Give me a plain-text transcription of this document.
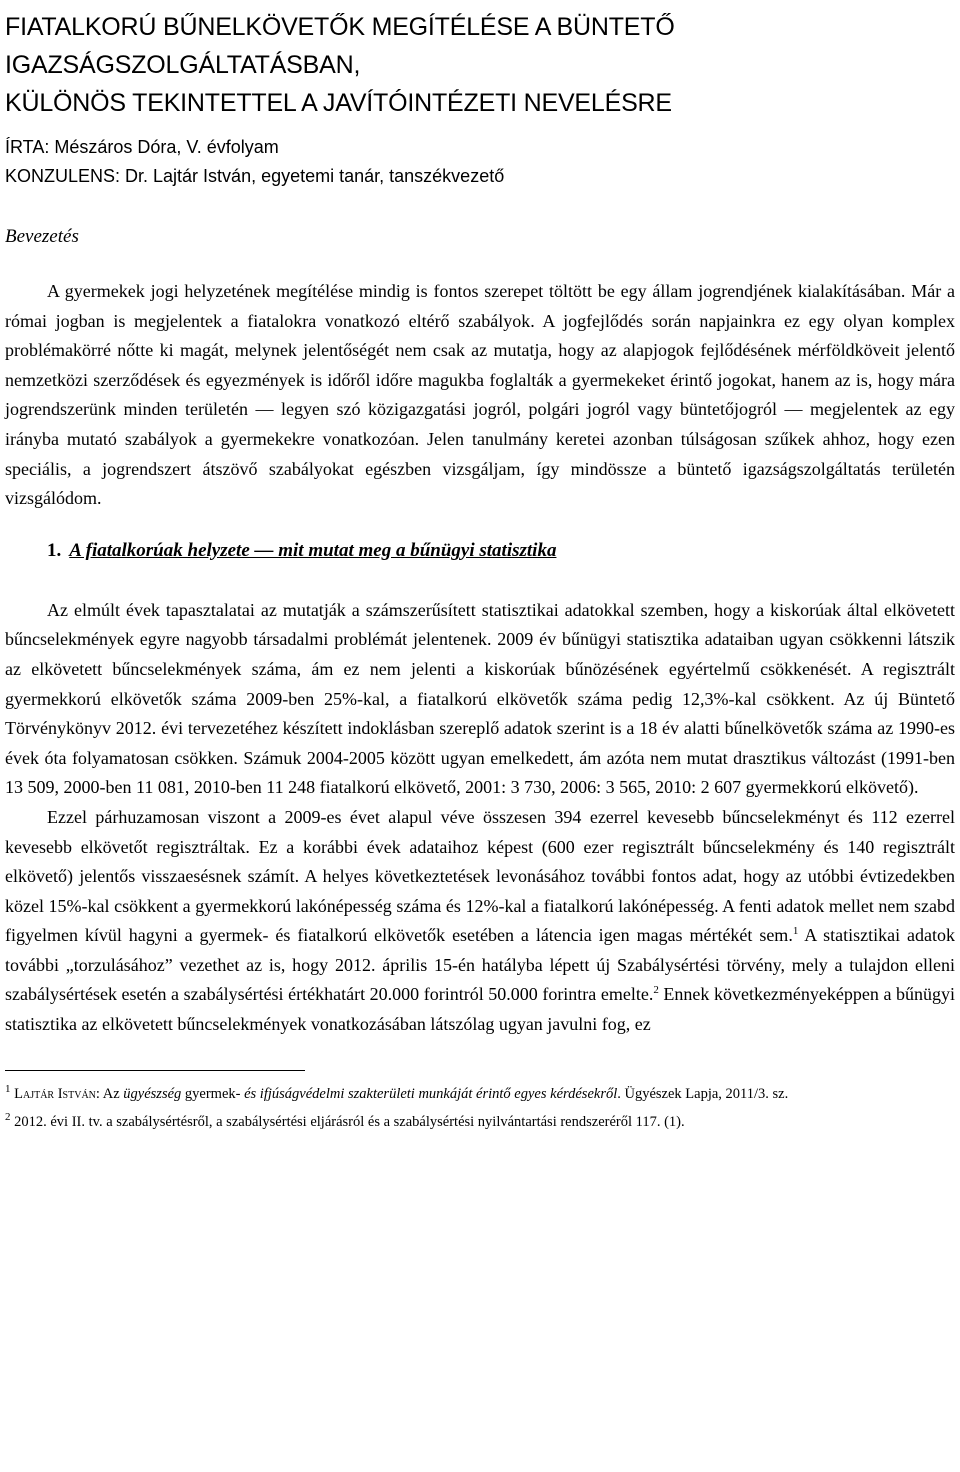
FIATALKORÚ BŰNELKÖVETŐK MEGÍTÉLÉSE A BÜNTETŐ
IGAZSÁGSZOLGÁLTATÁSBAN,
KÜLÖNÖS TEKINTETTEL A JAVÍTÓINTÉZETI NEVELÉSRE
ÍRTA: Mészáros Dóra, V. évfolyam
KONZULENS: Dr. Lajtár István, egyetemi tanár, tanszékvezető
Bevezetés

A gyermekek jogi helyzetének megítélése mindig is fontos szerepet töltött be egy állam jogrendjének kialakításában. Már a római jogban is megjelentek a fiatalokra vonatkozó eltérő szabályok. A jogfejlődés során napjainkra ez egy olyan komplex problémakörré nőtte ki magát, melynek jelentőségét nem csak az mutatja, hogy az alapjogok fejlődésének mérföldköveit jelentő nemzetközi szerződések és egyezmények is időről időre magukba foglalták a gyermekeket érintő jogokat, hanem az is, hogy mára jogrendszerünk minden területén — legyen szó közigazgatási jogról, polgári jogról vagy büntetőjogról — megjelentek az egy irányba mutató szabályok a gyermekekre vonatkozóan. Jelen tanulmány keretei azonban túlságosan szűkek ahhoz, hogy ezen speciális, a jogrendszert átszövő szabályokat egészben vizsgáljam, így mindössze a büntető igazságszolgáltatás területén vizsgálódom.

1. A fiatalkorúak helyzete — mit mutat meg a bűnügyi statisztika

Az elmúlt évek tapasztalatai az mutatják a számszerűsített statisztikai adatokkal szemben, hogy a kiskorúak által elkövetett bűncselekmények egyre nagyobb társadalmi problémát jelentenek. 2009 év bűnügyi statisztika adataiban ugyan csökkenni látszik az elkövetett bűncselekmények száma, ám ez nem jelenti a kiskorúak bűnözésének egyértelmű csökkenését. A regisztrált gyermekkorú elkövetők száma 2009-ben 25%-kal, a fiatalkorú elkövetők száma pedig 12,3%-kal csökkent. Az új Büntető Törvénykönyv 2012. évi tervezetéhez készített indoklásban szereplő adatok szerint is a 18 év alatti bűnelkövetők száma az 1990-es évek óta folyamatosan csökken. Számuk 2004-2005 között ugyan emelkedett, ám azóta nem mutat drasztikus változást (1991-ben 13 509, 2000-ben 11 081, 2010-ben 11 248 fiatalkorú elkövető, 2001: 3 730, 2006: 3 565, 2010: 2 607 gyermekkorú elkövető).

Ezzel párhuzamosan viszont a 2009-es évet alapul véve összesen 394 ezerrel kevesebb bűncselekményt és 112 ezerrel kevesebb elkövetőt regisztráltak. Ez a korábbi évek adataihoz képest (600 ezer regisztrált bűncselekmény és 140 regisztrált elkövető) jelentős visszaesésnek számít. A helyes következtetések levonásához további fontos adat, hogy az utóbbi évtizedekben közel 15%-kal csökkent a gyermekkorú lakónépesség száma és 12%-kal a fiatalkorú lakónépesség. A fenti adatok mellet nem szabd figyelmen kívül hagyni a gyermek- és fiatalkorú elkövetők esetében a látencia igen magas mértékét sem.$^1$ A statisztikai adatok további „torzulásához” vezethet az is, hogy 2012. április 15-én hatályba lépett új Szabálysértési törvény, mely a tulajdon elleni szabálysértések esetén a szabálysértési értékhatárt 20.000 forintról 50.000 forintra emelte.$^2$ Ennek következményeképpen a bűnügyi statisztika az elkövetett bűncselekmények vonatkozásában látszólag ugyan javulni fog, ez

$^1$ Lajtár István: Az ügyészség gyermek- és ifjúságvédelmi szakterületi munkáját érintő egyes kérdésekről. Ügyészek Lapja, 2011/3. sz.

$^2$ 2012. évi II. tv. a szabálysértésről, a szabálysértési eljárásról és a szabálysértési nyilvántartási rendszeréről 117. (1).
